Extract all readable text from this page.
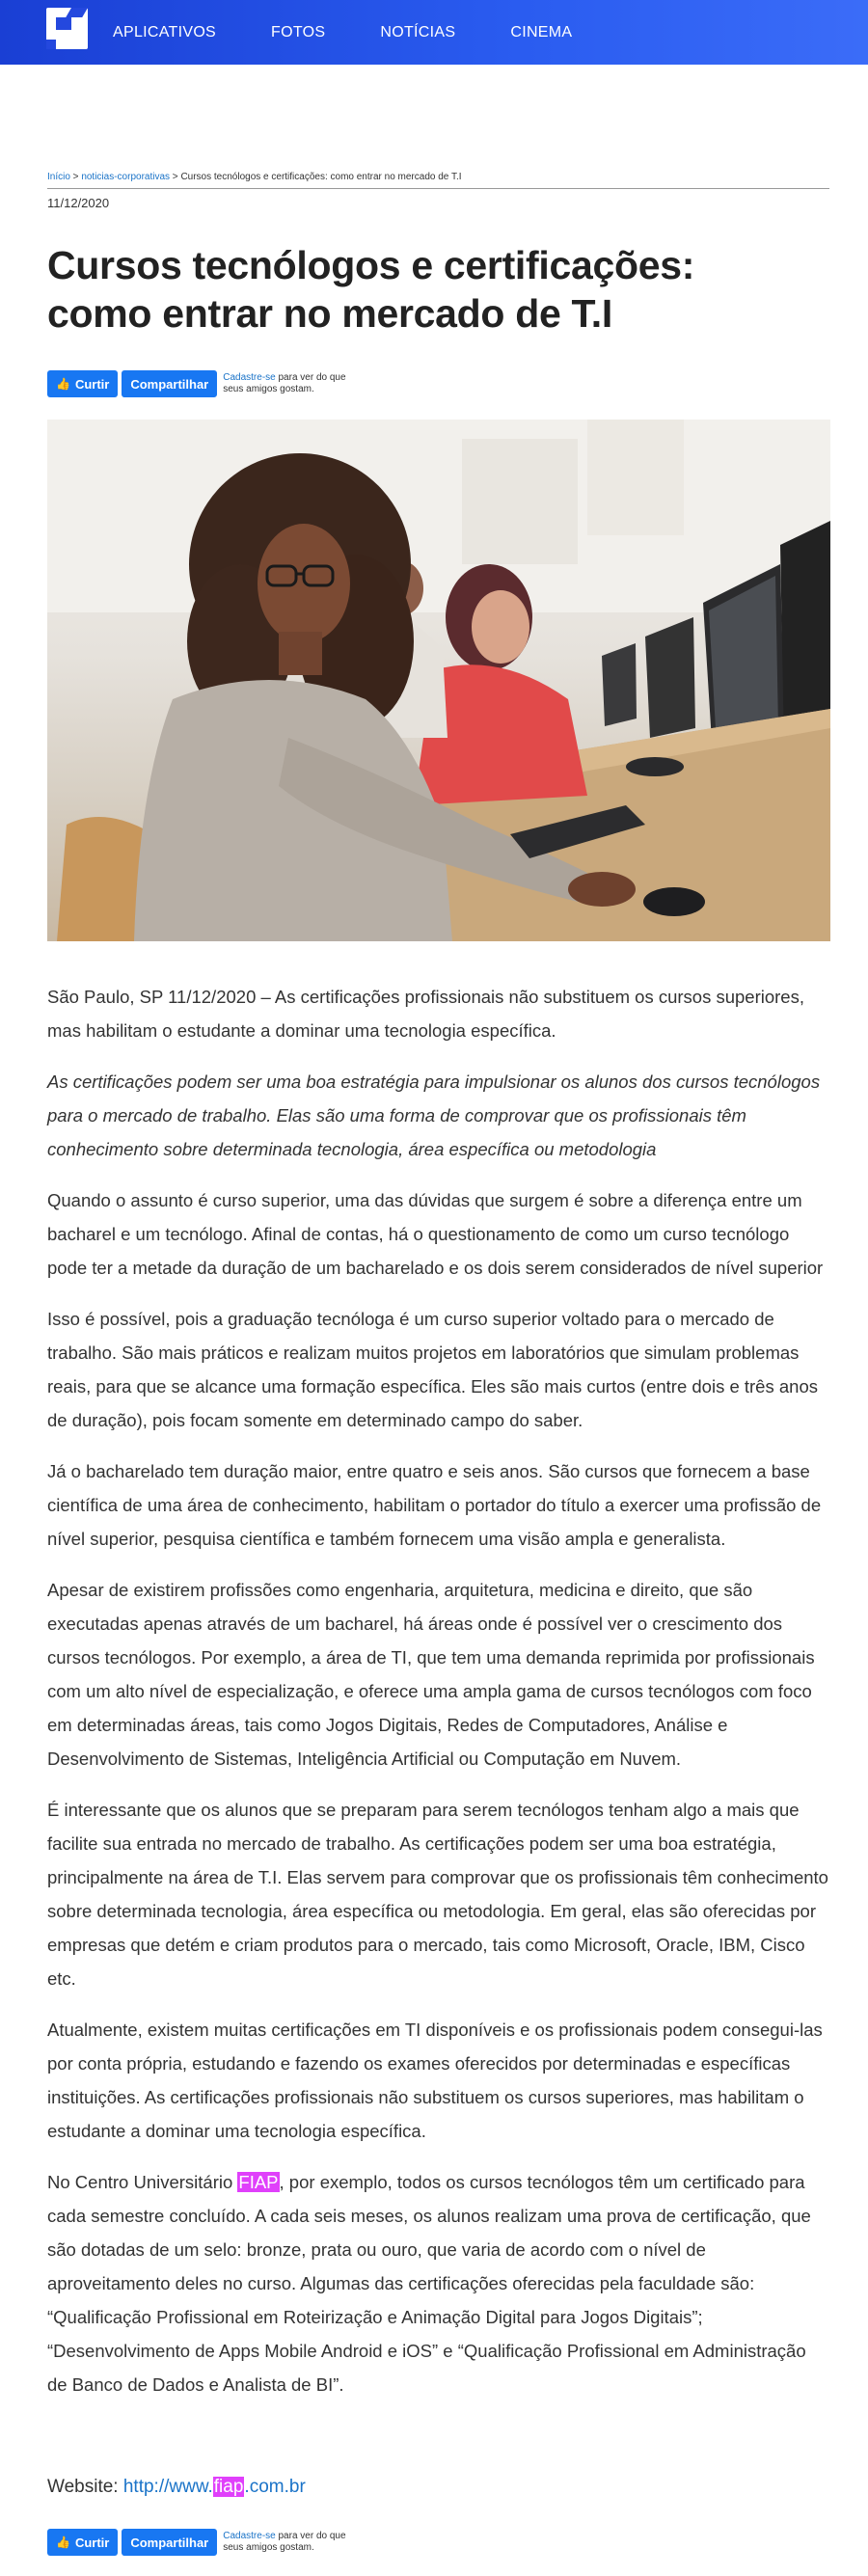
APLICATIVOS	FOTOS	NOTÍCIAS	CINEMA
Início > noticias-corporativas > Cursos tecnólogos e certificações: como entrar no mercado de T.I
11/12/2020
Cursos tecnólogos e certificações: como entrar no mercado de T.I
👍 Curtir Compartilhar Cadastre-se para ver do que seus amigos gostam.

São Paulo, SP 11/12/2020 – As certificações profissionais não substituem os cursos superiores, mas habilitam o estudante a dominar uma tecnologia específica.

As certificações podem ser uma boa estratégia para impulsionar os alunos dos cursos tecnólogos para o mercado de trabalho. Elas são uma forma de comprovar que os profissionais têm conhecimento sobre determinada tecnologia, área específica ou metodologia

Quando o assunto é curso superior, uma das dúvidas que surgem é sobre a diferença entre um bacharel e um tecnólogo. Afinal de contas, há o questionamento de como um curso tecnólogo pode ter a metade da duração de um bacharelado e os dois serem considerados de nível superior

Isso é possível, pois a graduação tecnóloga é um curso superior voltado para o mercado de trabalho. São mais práticos e realizam muitos projetos em laboratórios que simulam problemas reais, para que se alcance uma formação específica. Eles são mais curtos (entre dois e três anos de duração), pois focam somente em determinado campo do saber.

Já o bacharelado tem duração maior, entre quatro e seis anos. São cursos que fornecem a base científica de uma área de conhecimento, habilitam o portador do título a exercer uma profissão de nível superior, pesquisa científica e também fornecem uma visão ampla e generalista.

Apesar de existirem profissões como engenharia, arquitetura, medicina e direito, que são executadas apenas através de um bacharel, há áreas onde é possível ver o crescimento dos cursos tecnólogos. Por exemplo, a área de TI, que tem uma demanda reprimida por profissionais com um alto nível de especialização, e oferece uma ampla gama de cursos tecnólogos com foco em determinadas áreas, tais como Jogos Digitais, Redes de Computadores, Análise e Desenvolvimento de Sistemas, Inteligência Artificial ou Computação em Nuvem.

É interessante que os alunos que se preparam para serem tecnólogos tenham algo a mais que facilite sua entrada no mercado de trabalho. As certificações podem ser uma boa estratégia, principalmente na área de T.I. Elas servem para comprovar que os profissionais têm conhecimento sobre determinada tecnologia, área específica ou metodologia. Em geral, elas são oferecidas por empresas que detém e criam produtos para o mercado, tais como Microsoft, Oracle, IBM, Cisco etc.

Atualmente, existem muitas certificações em TI disponíveis e os profissionais podem consegui-las por conta própria, estudando e fazendo os exames oferecidos por determinadas e específicas instituições. As certificações profissionais não substituem os cursos superiores, mas habilitam o estudante a dominar uma tecnologia específica.

No Centro Universitário FIAP, por exemplo, todos os cursos tecnólogos têm um certificado para cada semestre concluído. A cada seis meses, os alunos realizam uma prova de certificação, que são dotadas de um selo: bronze, prata ou ouro, que varia de acordo com o nível de aproveitamento deles no curso. Algumas das certificações oferecidas pela faculdade são: “Qualificação Profissional em Roteirização e Animação Digital para Jogos Digitais”; “Desenvolvimento de Apps Mobile Android e iOS” e “Qualificação Profissional em Administração de Banco de Dados e Analista de BI”.

Website: http://www.fiap.com.br
👍 Curtir Compartilhar Cadastre-se para ver do que seus amigos gostam.
